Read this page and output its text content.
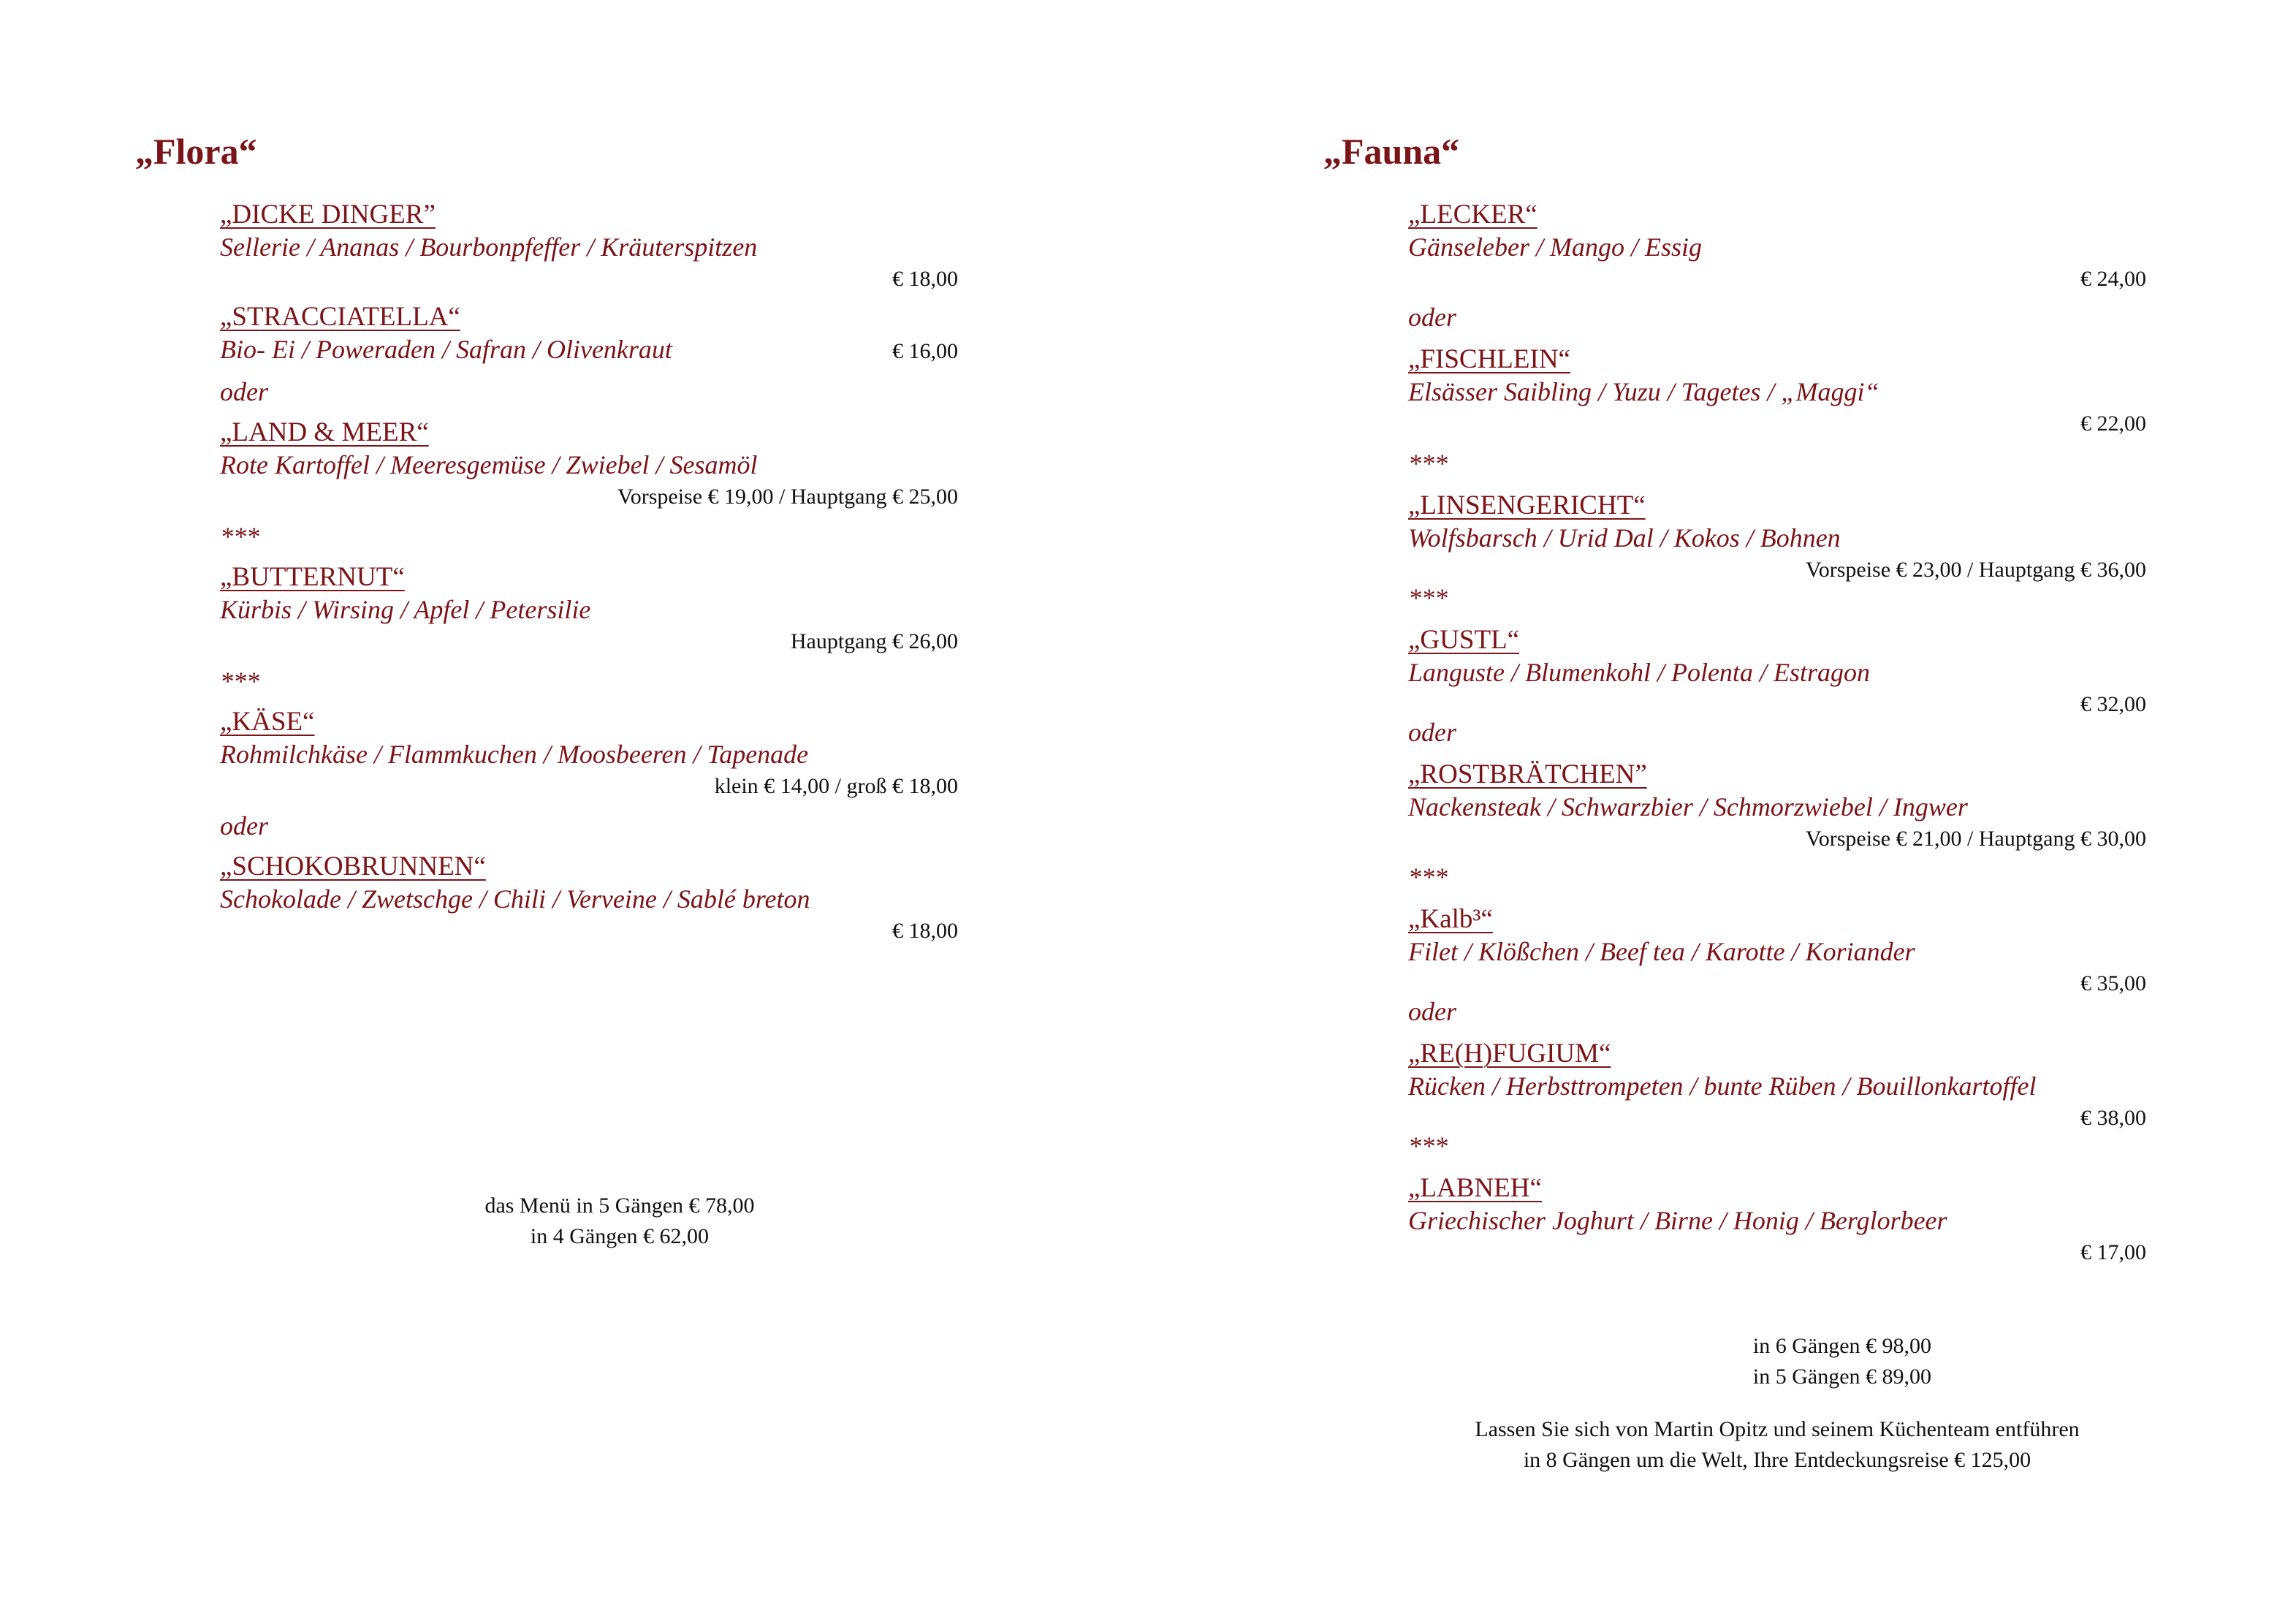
„Flora“
„DICKE DINGER”
Sellerie / Ananas / Bourbonpfeffer / Kräuterspitzen
€ 18,00
„STRACCIATELLA“
Bio- Ei / Poweraden / Safran / Olivenkraut	€ 16,00
oder
„LAND & MEER“
Rote Kartoffel / Meeresgemüse / Zwiebel / Sesamöl
Vorspeise € 19,00 / Hauptgang € 25,00
***
„BUTTERNUT“
Kürbis / Wirsing / Apfel / Petersilie
Hauptgang € 26,00
***
„KÄSE“
Rohmilchkäse / Flammkuchen / Moosbeeren / Tapenade
klein € 14,00 / groß € 18,00
oder
„SCHOKOBRUNNEN“
Schokolade / Zwetschge / Chili / Verveine / Sablé breton
€ 18,00
das Menü in 5 Gängen € 78,00
in 4 Gängen € 62,00
„Fauna“
„LECKER“
Gänseleber / Mango / Essig
€ 24,00
oder
„FISCHLEIN“
Elsässer Saibling / Yuzu / Tagetes / „Maggi“
€ 22,00
***
„LINSENGERICHT“
Wolfsbarsch / Urid Dal / Kokos / Bohnen
Vorspeise € 23,00 / Hauptgang € 36,00
***
„GUSTL“
Languste / Blumenkohl / Polenta / Estragon
€ 32,00
oder
„ROSTBRÄTCHEN”
Nackensteak / Schwarzbier / Schmorzwiebel / Ingwer
Vorspeise € 21,00 / Hauptgang € 30,00
***
„Kalb³“
Filet / Klößchen / Beef tea / Karotte / Koriander
€ 35,00
oder
„RE(H)FUGIUM“
Rücken / Herbsttrompeten / bunte Rüben / Bouillonkartoffel
€ 38,00
***
„LABNEH“
Griechischer Joghurt / Birne / Honig / Berglorbeer
€ 17,00
in 6 Gängen € 98,00
in 5 Gängen € 89,00
Lassen Sie sich von Martin Opitz und seinem Küchenteam entführen
in 8 Gängen um die Welt, Ihre Entdeckungsreise € 125,00
